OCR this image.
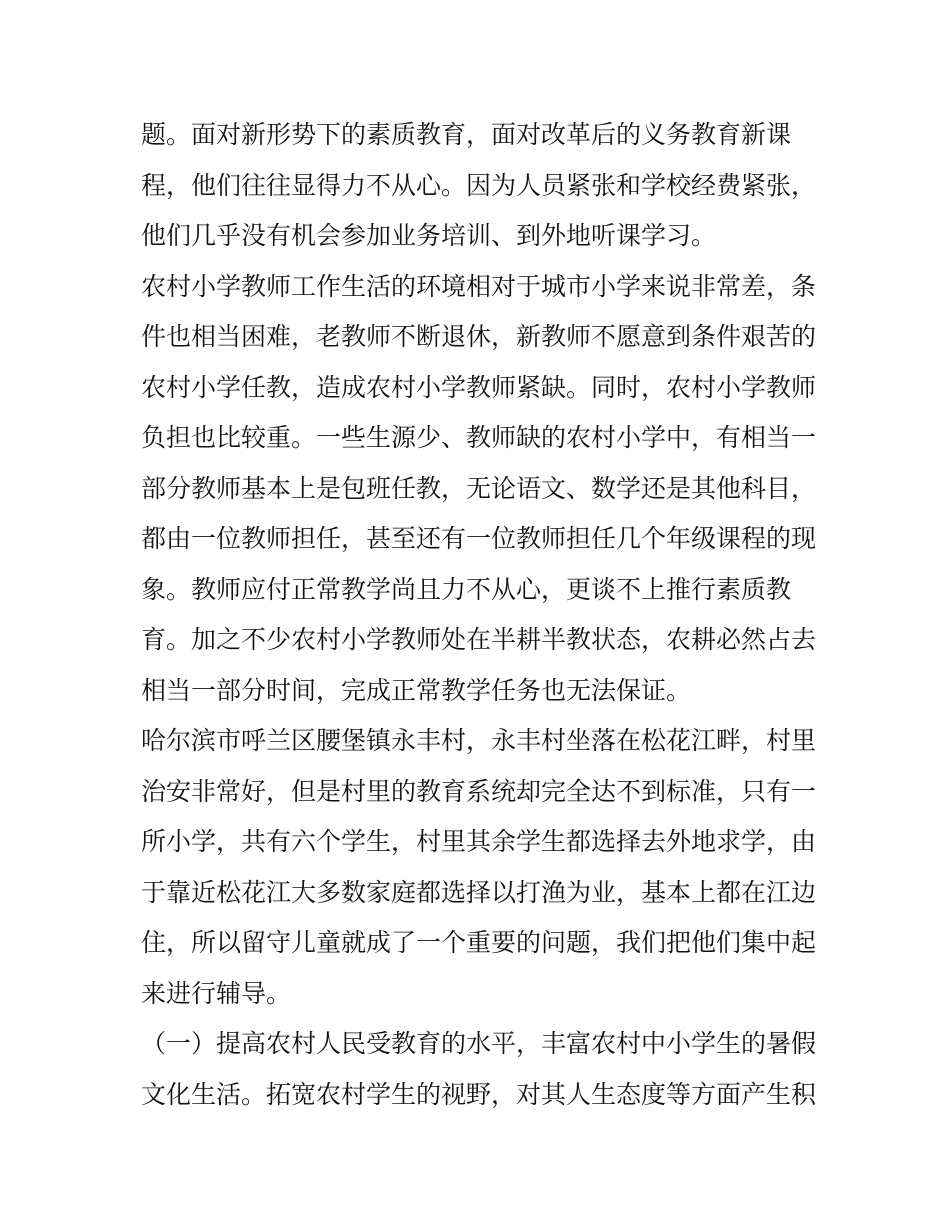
题。面对新形势下的素质教育，面对改革后的义务教育新课
程，他们往往显得力不从心。因为人员紧张和学校经费紧张，
他们几乎没有机会参加业务培训、到外地听课学习。
农村小学教师工作生活的环境相对于城市小学来说非常差，条
件也相当困难，老教师不断退休，新教师不愿意到条件艰苦的
农村小学任教，造成农村小学教师紧缺。同时，农村小学教师
负担也比较重。一些生源少、教师缺的农村小学中，有相当一
部分教师基本上是包班任教，无论语文、数学还是其他科目，
都由一位教师担任，甚至还有一位教师担任几个年级课程的现
象。教师应付正常教学尚且力不从心，更谈不上推行素质教
育。加之不少农村小学教师处在半耕半教状态，农耕必然占去
相当一部分时间，完成正常教学任务也无法保证。
哈尔滨市呼兰区腰堡镇永丰村，永丰村坐落在松花江畔，村里
治安非常好，但是村里的教育系统却完全达不到标准，只有一
所小学，共有六个学生，村里其余学生都选择去外地求学，由
于靠近松花江大多数家庭都选择以打渔为业，基本上都在江边
住，所以留守儿童就成了一个重要的问题，我们把他们集中起
来进行辅导。
（一）提高农村人民受教育的水平，丰富农村中小学生的暑假
文化生活。拓宽农村学生的视野，对其人生态度等方面产生积
